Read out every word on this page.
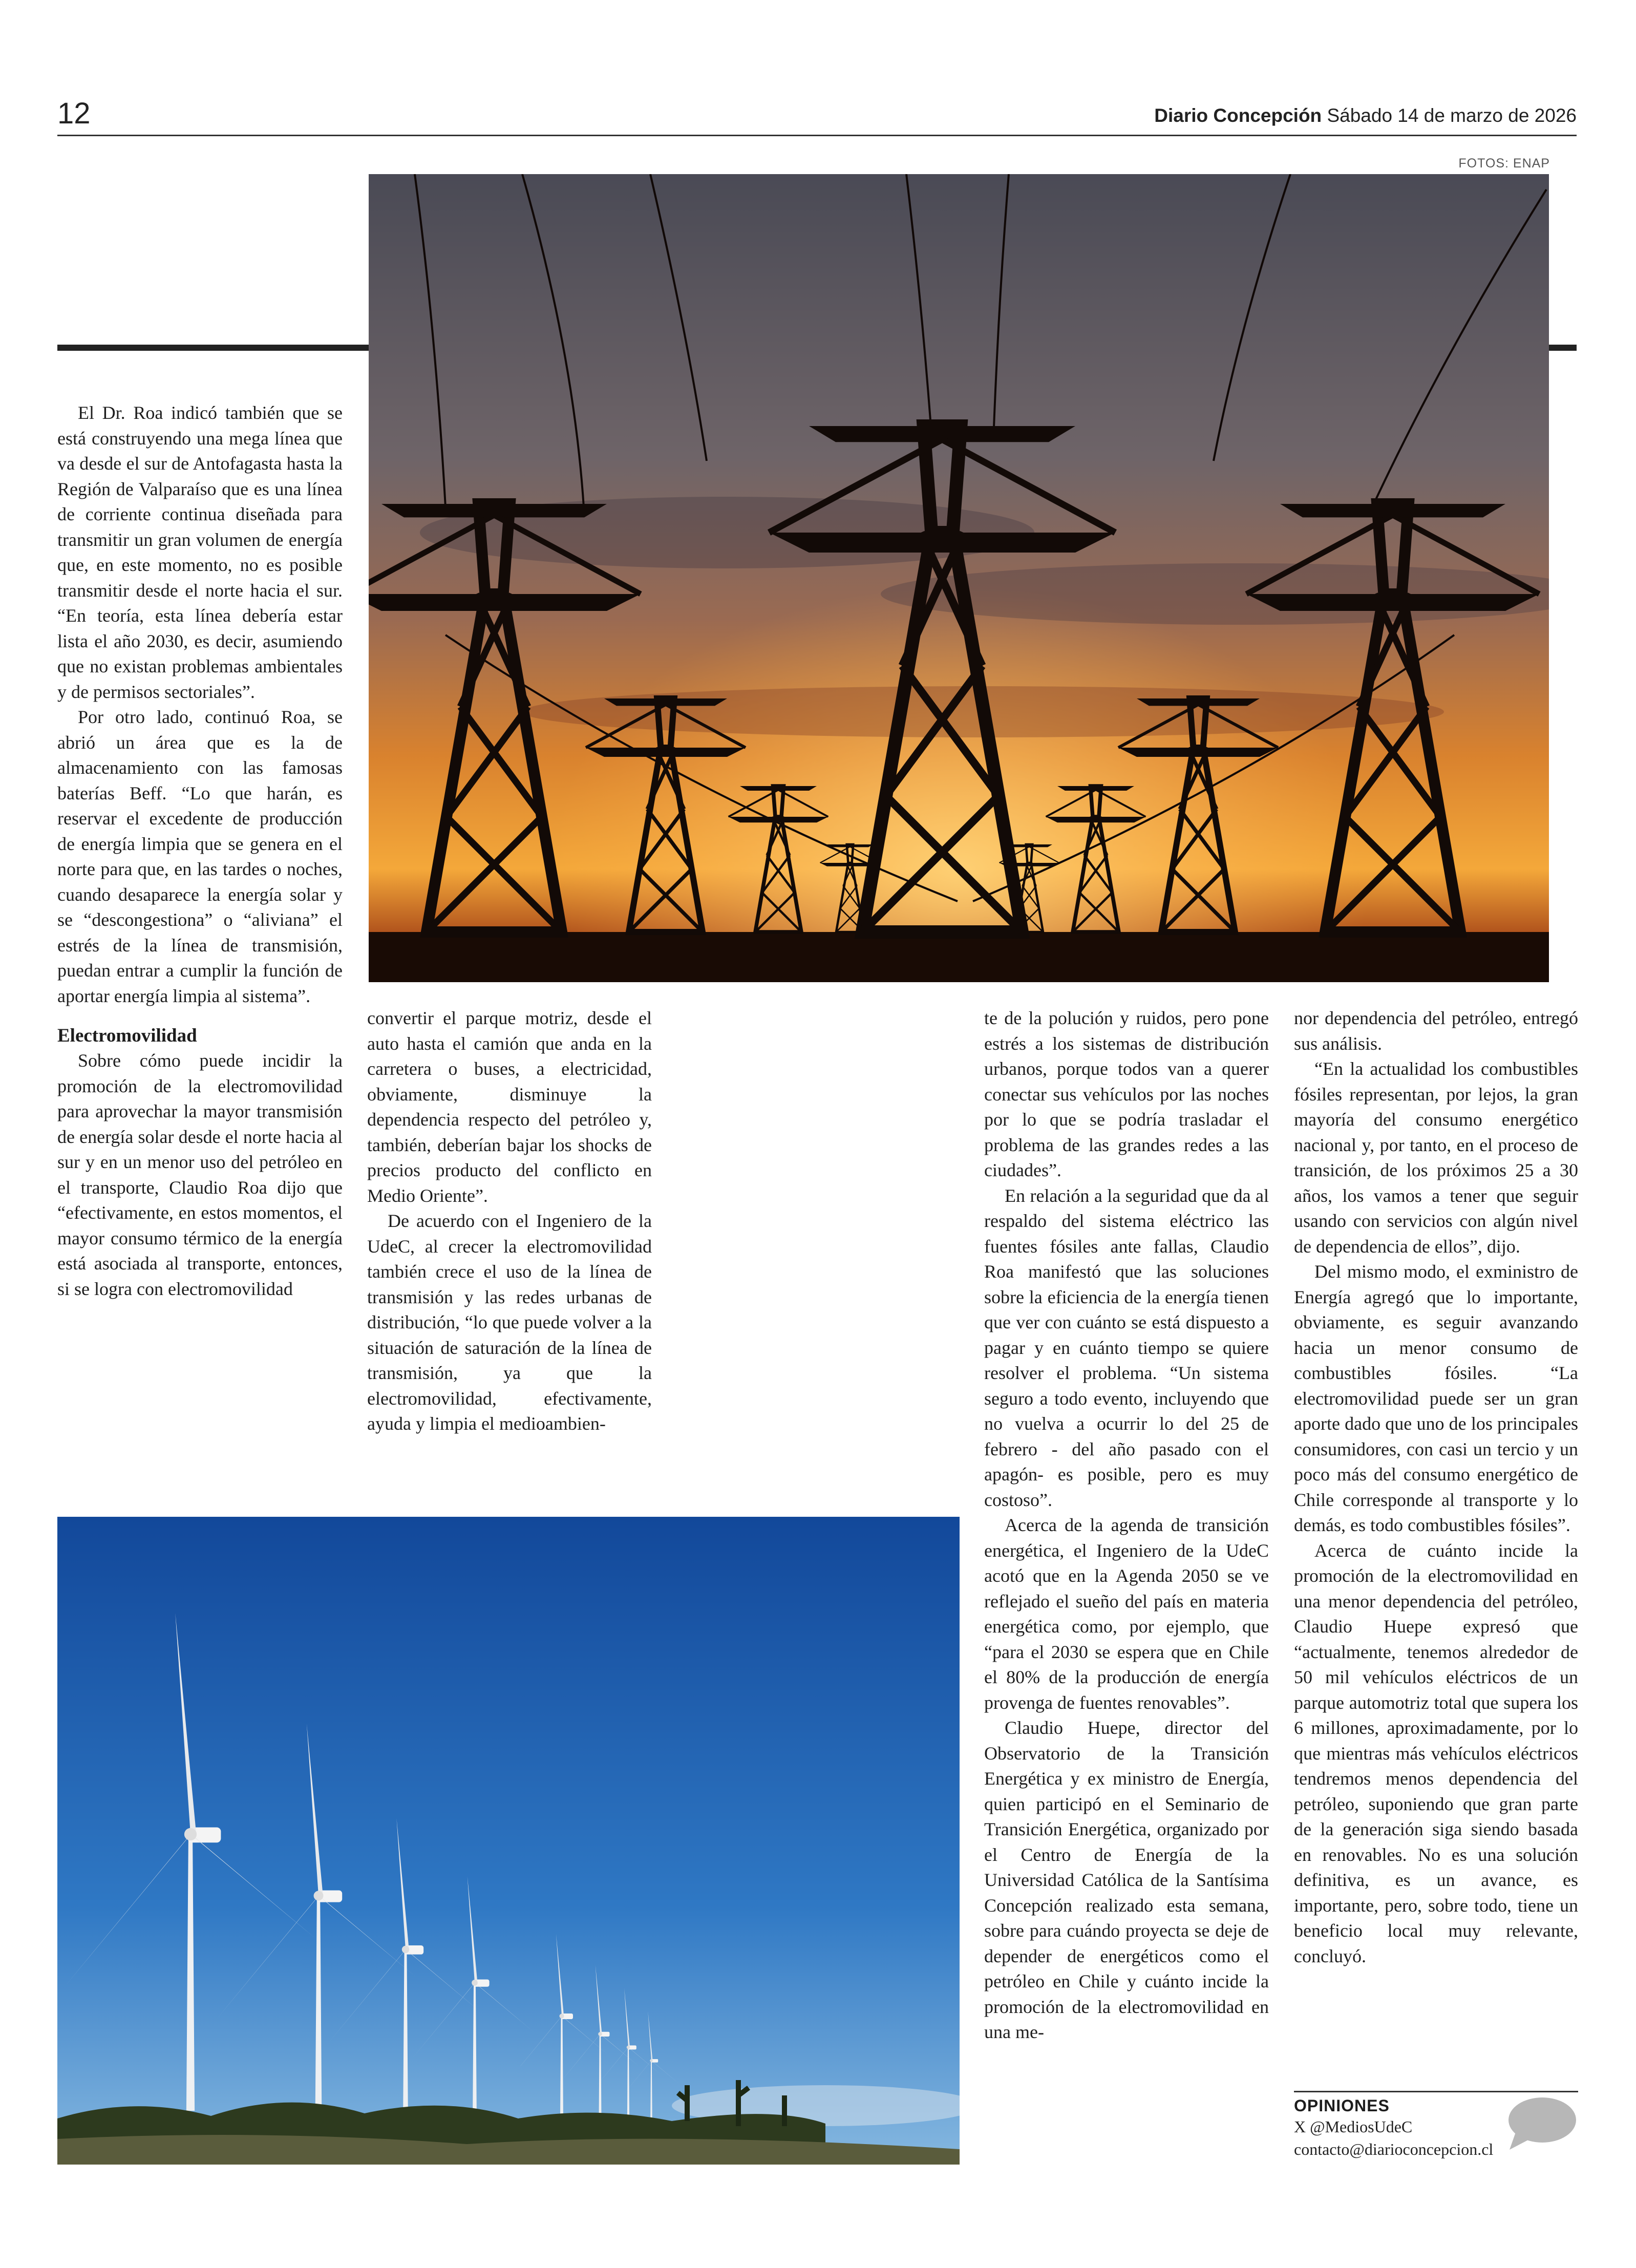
12	Diario Concepción Sábado 14 de marzo de 2026
FOTOS: ENAP

El Dr. Roa indicó también que se está construyendo una mega línea que va desde el sur de Antofagasta hasta la Región de Valparaíso que es una línea de corriente continua diseñada para transmitir un gran volumen de energía que, en este momento, no es posible transmitir desde el norte hacia el sur. “En teoría, esta línea debería estar lista el año 2030, es decir, asumiendo que no existan problemas ambientales y de permisos sectoriales”.

Por otro lado, continuó Roa, se abrió un área que es la de almacenamiento con las famosas baterías Beff. “Lo que harán, es reservar el excedente de producción de energía limpia que se genera en el norte para que, en las tardes o noches, cuando desaparece la energía solar y se “descongestiona” o “aliviana” el estrés de la línea de transmisión, puedan entrar a cumplir la función de aportar energía limpia al sistema”.

Electromovilidad

Sobre cómo puede incidir la promoción de la electromovilidad para aprovechar la mayor transmisión de energía solar desde el norte hacia al sur y en un menor uso del petróleo en el transporte, Claudio Roa dijo que “efectivamente, en estos momentos, el mayor consumo térmico de la energía está asociada al transporte, entonces, si se logra con electromovilidad

convertir el parque motriz, desde el auto hasta el camión que anda en la carretera o buses, a electricidad, obviamente, disminuye la dependencia respecto del petróleo y, también, deberían bajar los shocks de precios producto del conflicto en Medio Oriente”.

De acuerdo con el Ingeniero de la UdeC, al crecer la electromovilidad también crece el uso de la línea de transmisión y las redes urbanas de distribución, “lo que puede volver a la situación de saturación de la línea de transmisión, ya que la electromovilidad, efectivamente, ayuda y limpia el medioambien-

te de la polución y ruidos, pero pone estrés a los sistemas de distribución urbanos, porque todos van a querer conectar sus vehículos por las noches por lo que se podría trasladar el problema de las grandes redes a las ciudades”.

En relación a la seguridad que da al respaldo del sistema eléctrico las fuentes fósiles ante fallas, Claudio Roa manifestó que las soluciones sobre la eficiencia de la energía tienen que ver con cuánto se está dispuesto a pagar y en cuánto tiempo se quiere resolver el problema. “Un sistema seguro a todo evento, incluyendo que no vuelva a ocurrir lo del 25 de febrero - del año pasado con el apagón- es posible, pero es muy costoso”.

Acerca de la agenda de transición energética, el Ingeniero de la UdeC acotó que en la Agenda 2050 se ve reflejado el sueño del país en materia energética como, por ejemplo, que “para el 2030 se espera que en Chile el 80% de la producción de energía provenga de fuentes renovables”.

Claudio Huepe, director del Observatorio de la Transición Energética y ex ministro de Energía, quien participó en el Seminario de Transición Energética, organizado por el Centro de Energía de la Universidad Católica de la Santísima Concepción realizado esta semana, sobre para cuándo proyecta se deje de depender de energéticos como el petróleo en Chile y cuánto incide la promoción de la electromovilidad en una me-

nor dependencia del petróleo, entregó sus análisis.

“En la actualidad los combustibles fósiles representan, por lejos, la gran mayoría del consumo energético nacional y, por tanto, en el proceso de transición, de los próximos 25 a 30 años, los vamos a tener que seguir usando con servicios con algún nivel de dependencia de ellos”, dijo.

Del mismo modo, el exministro de Energía agregó que lo importante, obviamente, es seguir avanzando hacia un menor consumo de combustibles fósiles. “La electromovilidad puede ser un gran aporte dado que uno de los principales consumidores, con casi un tercio y un poco más del consumo energético de Chile corresponde al transporte y lo demás, es todo combustibles fósiles”.

Acerca de cuánto incide la promoción de la electromovilidad en una menor dependencia del petróleo, Claudio Huepe expresó que “actualmente, tenemos alrededor de 50 mil vehículos eléctricos de un parque automotriz total que supera los 6 millones, aproximadamente, por lo que mientras más vehículos eléctricos tendremos menos dependencia del petróleo, suponiendo que gran parte de la generación siga siendo basada en renovables. No es una solución definitiva, es un avance, es importante, pero, sobre todo, tiene un beneficio local muy relevante, concluyó.

OPINIONES
X @MediosUdeC
contacto@diarioconcepcion.cl
